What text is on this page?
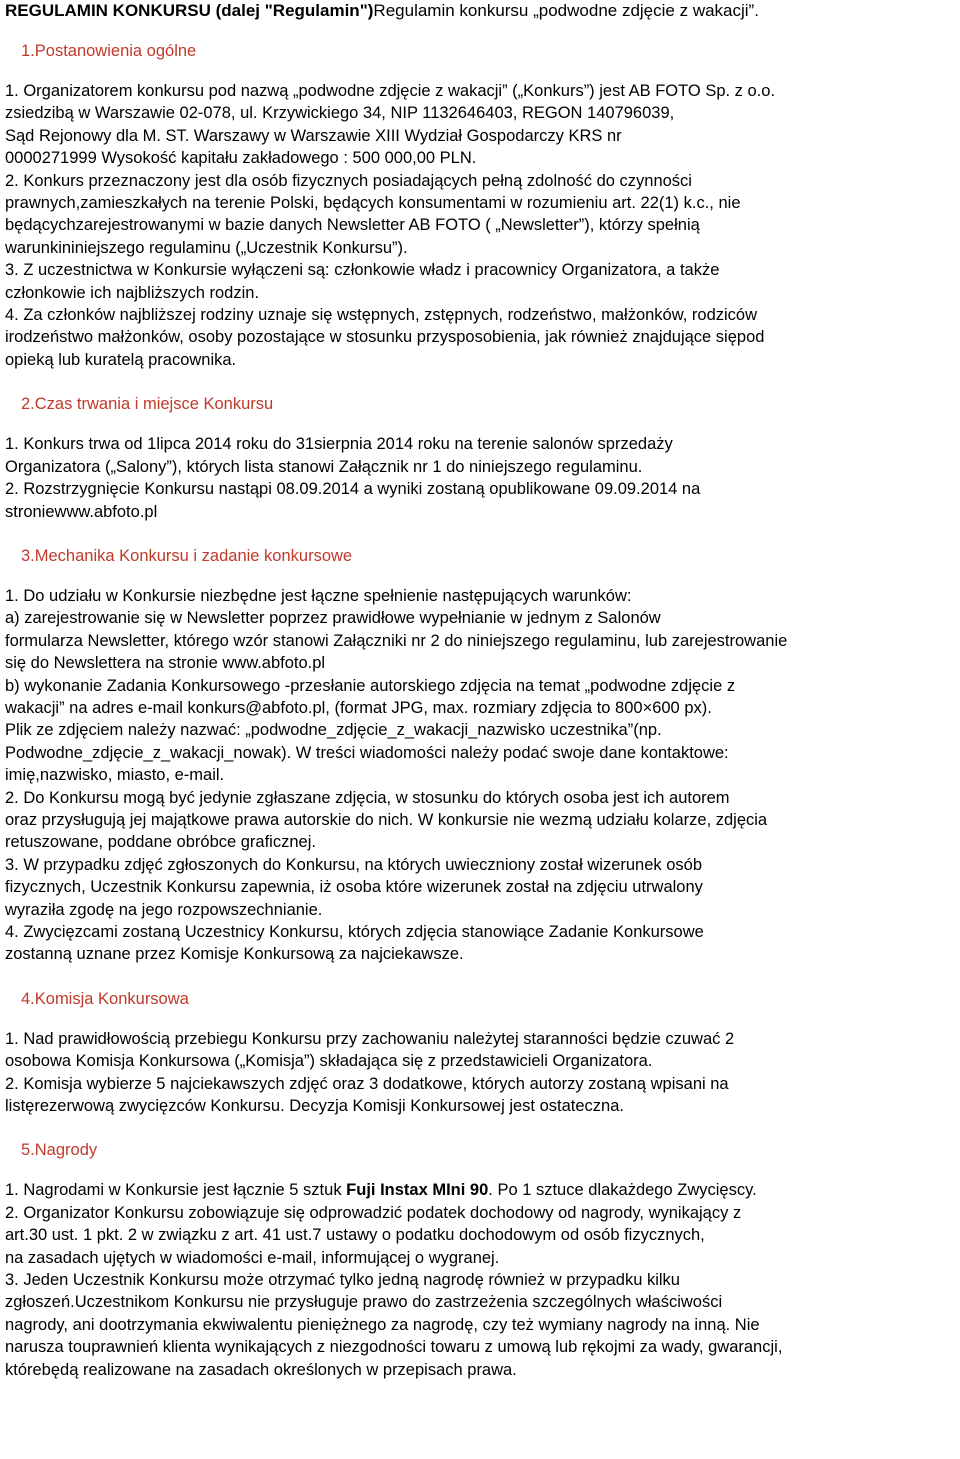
REGULAMIN KONKURSU (dalej "Regulamin")Regulamin konkursu „podwodne zdjęcie z wakacji”.

1.Postanowienia ogólne

1. Organizatorem konkursu pod nazwą „podwodne zdjęcie z wakacji” („Konkurs”) jest AB FOTO Sp. z o.o.

zsiedzibą w Warszawie 02-078, ul. Krzywickiego 34, NIP 1132646403, REGON 140796039,

Sąd Rejonowy dla M. ST. Warszawy w Warszawie XIII Wydział Gospodarczy KRS nr

0000271999 Wysokość kapitału zakładowego : 500 000,00 PLN.

2. Konkurs przeznaczony jest dla osób fizycznych posiadających pełną zdolność do czynności

prawnych,zamieszkałych na terenie Polski, będących konsumentami w rozumieniu art. 22(1) k.c., nie

będącychzarejestrowanymi w bazie danych Newsletter AB FOTO ( „Newsletter”), którzy spełnią

warunkininiejszego regulaminu („Uczestnik Konkursu”).

3. Z uczestnictwa w Konkursie wyłączeni są: członkowie władz i pracownicy Organizatora, a także

członkowie ich najbliższych rodzin.

4. Za członków najbliższej rodziny uznaje się wstępnych, zstępnych, rodzeństwo, małżonków, rodziców

irodzeństwo małżonków, osoby pozostające w stosunku przysposobienia, jak również znajdujące siępod

opieką lub kuratelą pracownika.

2.Czas trwania i miejsce Konkursu

1. Konkurs trwa od 1lipca 2014 roku do 31sierpnia 2014 roku na terenie salonów sprzedaży

Organizatora („Salony”), których lista stanowi Załącznik nr 1 do niniejszego regulaminu.

2. Rozstrzygnięcie Konkursu nastąpi 08.09.2014 a wyniki zostaną opublikowane 09.09.2014 na

stroniewww.abfoto.pl

3.Mechanika Konkursu i zadanie konkursowe

1. Do udziału w Konkursie niezbędne jest łączne spełnienie następujących warunków:

a) zarejestrowanie się w Newsletter poprzez prawidłowe wypełnianie w jednym z Salonów

formularza Newsletter, którego wzór stanowi Załączniki nr 2 do niniejszego regulaminu, lub zarejestrowanie

się do Newslettera na stronie www.abfoto.pl

b) wykonanie Zadania Konkursowego -przesłanie autorskiego zdjęcia na temat „podwodne zdjęcie z

wakacji” na adres e-mail konkurs@abfoto.pl, (format JPG, max. rozmiary zdjęcia to 800×600 px).

Plik ze zdjęciem należy nazwać: „podwodne_zdjęcie_z_wakacji_nazwisko uczestnika”(np.

Podwodne_zdjęcie_z_wakacji_nowak). W treści wiadomości należy podać swoje dane kontaktowe:

imię,nazwisko, miasto, e-mail.

2. Do Konkursu mogą być jedynie zgłaszane zdjęcia, w stosunku do których osoba jest ich autorem

oraz przysługują jej majątkowe prawa autorskie do nich. W konkursie nie wezmą udziału kolarze, zdjęcia

retuszowane, poddane obróbce graficznej.

3. W przypadku zdjęć zgłoszonych do Konkursu, na których uwieczniony został wizerunek osób

fizycznych, Uczestnik Konkursu zapewnia, iż osoba które wizerunek został na zdjęciu utrwalony

wyraziła zgodę na jego rozpowszechnianie.

4. Zwycięzcami zostaną Uczestnicy Konkursu, których zdjęcia stanowiące Zadanie Konkursowe

zostanną uznane przez Komisje Konkursową za najciekawsze.

4.Komisja Konkursowa

1. Nad prawidłowością przebiegu Konkursu przy zachowaniu należytej staranności będzie czuwać 2

osobowa Komisja Konkursowa („Komisja”) składająca się z przedstawicieli Organizatora.

2. Komisja wybierze 5 najciekawszych zdjęć oraz 3 dodatkowe, których autorzy zostaną wpisani na

listęrezerwową zwycięzców Konkursu. Decyzja Komisji Konkursowej jest ostateczna.

5.Nagrody

1. Nagrodami w Konkursie jest łącznie 5 sztuk Fuji Instax MIni 90. Po 1 sztuce dlakażdego Zwycięscy.

2. Organizator Konkursu zobowiązuje się odprowadzić podatek dochodowy od nagrody, wynikający z

art.30 ust. 1 pkt. 2 w związku z art. 41 ust.7 ustawy o podatku dochodowym od osób fizycznych,

na zasadach ujętych w wiadomości e-mail, informującej o wygranej.

3. Jeden Uczestnik Konkursu może otrzymać tylko jedną nagrodę również w przypadku kilku

zgłoszeń.Uczestnikom Konkursu nie przysługuje prawo do zastrzeżenia szczególnych właściwości

nagrody, ani dootrzymania ekwiwalentu pieniężnego za nagrodę, czy też wymiany nagrody na inną. Nie

narusza touprawnień klienta wynikających z niezgodności towaru z umową lub rękojmi za wady, gwarancji,

którebędą realizowane na zasadach określonych w przepisach prawa.
